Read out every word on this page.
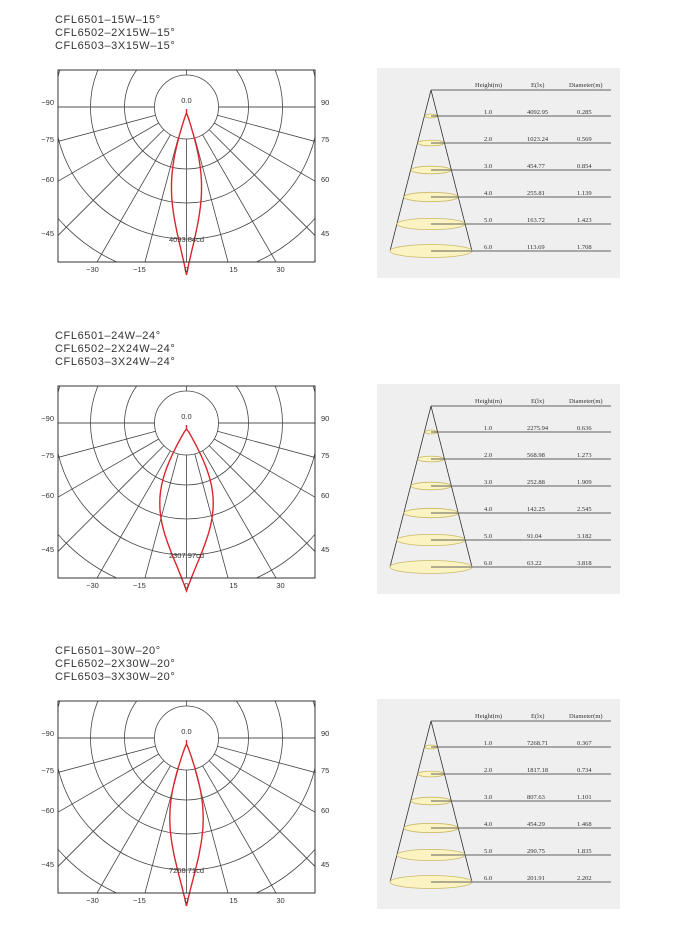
CFL6501–15W–15°
CFL6502–2X15W–15°
CFL6503–3X15W–15°
0.0
−90
−75
−60
−45
90
75
60
45
−30	−15	0	15	30
4093.84cd
Height(m)	E(lx)	Diameter(m)
1.0	4092.95	0.285
2.0	1023.24	0.569
3.0	454.77	0.854
4.0	255.81	1.139
5.0	163.72	1.423
6.0	113.69	1.708
CFL6501–24W–24°
CFL6502–2X24W–24°
CFL6503–3X24W–24°
0.0
−90
−75
−60
−45
90
75
60
45
−30	−15	0	15	30
2307.97cd
Height(m)	E(lx)	Diameter(m)
1.0	2275.94	0.636
2.0	568.98	1.273
3.0	252.88	1.909
4.0	142.25	2.545
5.0	91.04	3.182
6.0	63.22	3.818
CFL6501–30W–20°
CFL6502–2X30W–20°
CFL6503–3X30W–20°
0.0
−90
−75
−60
−45
90
75
60
45
−30	−15	0	15	30
7268.71cd
Height(m)	E(lx)	Diameter(m)
1.0	7268.71	0.367
2.0	1817.18	0.734
3.0	807.63	1.101
4.0	454.29	1.468
5.0	290.75	1.835
6.0	201.91	2.202
